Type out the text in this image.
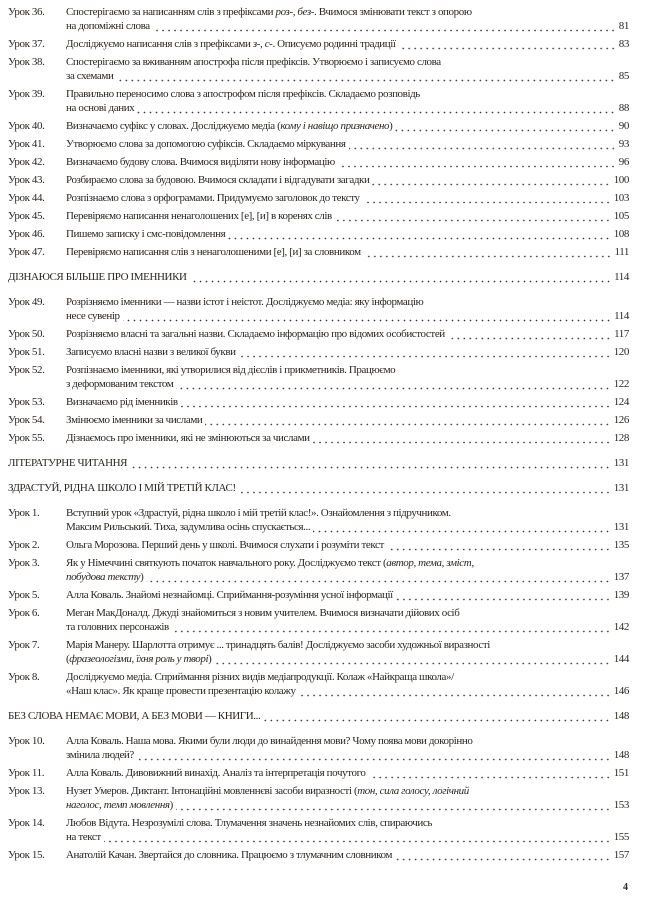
Урок 36.	Спостерігаємо за написанням слів з префіксами роз-, без-. Вчимося змінювати текст з опорою
на допоміжні слова	81
Урок 37.	Досліджуємо написання слів з префіксами з-, с-. Описуємо родинні традиції	83
Урок 38.	Спостерігаємо за вживанням апострофа після префіксів. Утворюємо і записуємо слова
за схемами	85
Урок 39.	Правильно переносимо слова з апострофом після префіксів. Складаємо розповідь
на основі даних	88
Урок 40.	Визначаємо суфікс у словах. Досліджуємо медіа (кому і навіщо призначено)	90
Урок 41.	Утворюємо слова за допомогою суфіксів. Складаємо міркування	93
Урок 42.	Визначаємо будову слова. Вчимося виділяти нову інформацію	96
Урок 43.	Розбираємо слова за будовою. Вчимося складати і відгадувати загадки	100
Урок 44.	Розпізнаємо слова з орфограмами. Придумуємо заголовок до тексту	103
Урок 45.	Перевіряємо написання ненаголошених [е], [и] в коренях слів	105
Урок 46.	Пишемо записку і смс-повідомлення	108
Урок 47.	Перевіряємо написання слів з ненаголошеними [е], [и] за словником	111
ДІЗНАЮСЯ БІЛЬШЕ ПРО ІМЕННИКИ	114
Урок 49.	Розрізняємо іменники — назви істот і неістот. Досліджуємо медіа: яку інформацію
несе сувенір	114
Урок 50.	Розрізняємо власні та загальні назви. Складаємо інформацію про відомих особистостей	117
Урок 51.	Записуємо власні назви з великої букви	120
Урок 52.	Розпізнаємо іменники, які утворилися від дієслів і прикметників. Працюємо
з деформованим текстом	122
Урок 53.	Визначаємо рід іменників	124
Урок 54.	Змінюємо іменники за числами	126
Урок 55.	Дізнаємось про іменники, які не змінюються за числами	128
ЛІТЕРАТУРНЕ ЧИТАННЯ	131
ЗДРАСТУЙ, РІДНА ШКОЛО І МІЙ ТРЕТІЙ КЛАС!	131
Урок 1.	Вступний урок «Здрастуй, рідна школо і мій третій клас!». Ознайомлення з підручником.
Максим Рильський. Тиха, задумлива осінь спускається...	131
Урок 2.	Ольга Морозова. Перший день у школі. Вчимося слухати і розуміти текст	135
Урок 3.	Як у Німеччині святкують початок навчального року. Досліджуємо текст (автор, тема, зміст,
побудова тексту)	137
Урок 5.	Алла Коваль. Знайомі незнайомці. Сприймання-розуміння усної інформації	139
Урок 6.	Меган МакДоналд. Джуді знайомиться з новим учителем. Вчимося визначати дійових осіб
та головних персонажів	142
Урок 7.	Марія Манеру. Шарлотта отримує ... тринадцять балів! Досліджуємо засоби художньої виразності
(фразеологізми, їхня роль у творі)	144
Урок 8.	Досліджуємо медіа. Сприймання різних видів медіапродукції. Колаж «Найкраща школа»/
«Наш клас». Як краще провести презентацію колажу	146
БЕЗ СЛОВА НЕМАЄ МОВИ, А БЕЗ МОВИ — КНИГИ...	148
Урок 10.	Алла Коваль. Наша мова. Якими були люди до винайдення мови? Чому поява мови докорінно
змінила людей?	148
Урок 11.	Алла Коваль. Дивовижний винахід. Аналіз та інтерпретація почутого	151
Урок 13.	Нузет Умеров. Диктант. Інтонаційні мовленнєві засоби виразності (тон, сила голосу, логічний
наголос, темп мовлення)	153
Урок 14.	Любов Відута. Незрозумілі слова. Тлумачення значень незнайомих слів, спираючись
на текст	155
Урок 15.	Анатолій Качан. Звертайся до словника. Працюємо з тлумачним словником	157
4
